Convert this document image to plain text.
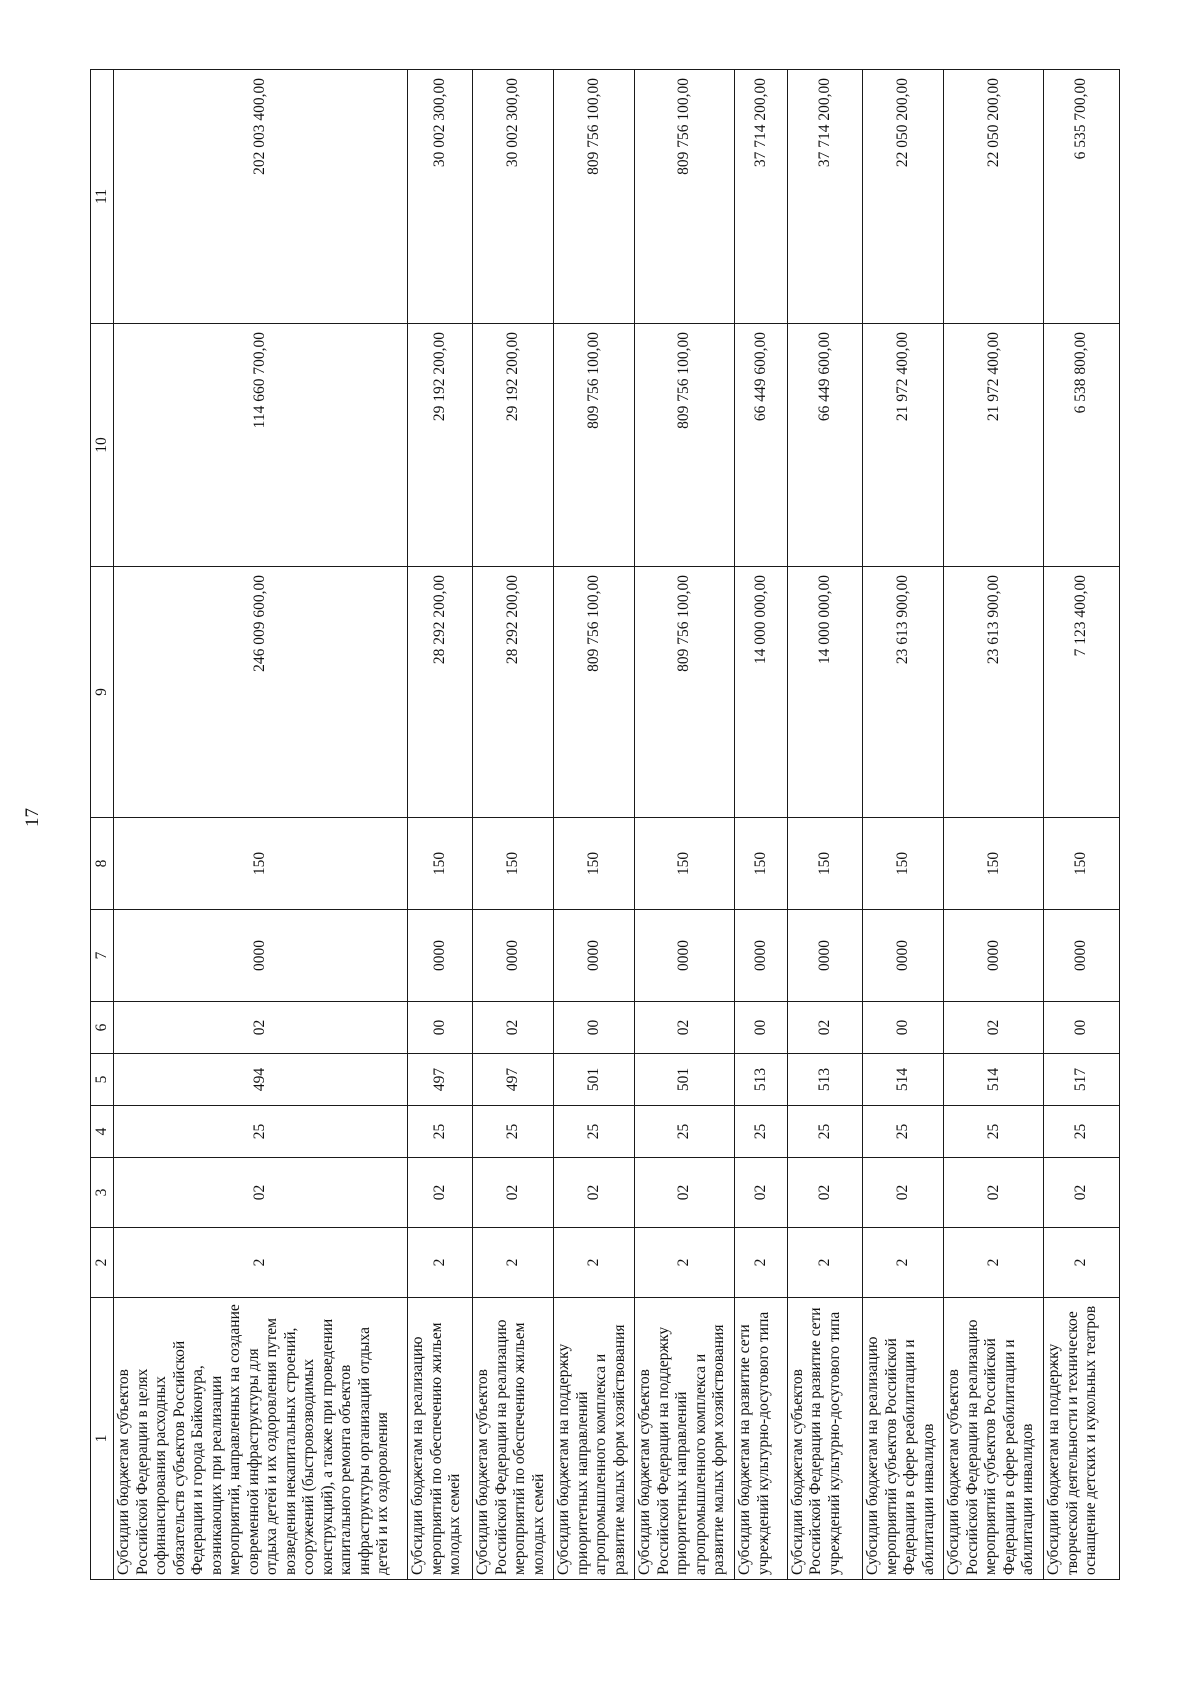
17
1	2	3	4	5	6	7	8	9	10	11
Субсидии бюджетам субъектов Российской Федерации в целях софинансирования расходных обязательств субъектов Российской Федерации и города Байконура, возникающих при реализации мероприятий, направленных на создание современной инфраструктуры для отдыха детей и их оздоровления путем возведения некапитальных строений, сооружений (быстровозводимых конструкций), а также при проведении капитального ремонта объектов инфраструктуры организаций отдыха детей и их оздоровления	2	02	25	494	02	0000	150	246 009 600,00	114 660 700,00	202 003 400,00
Субсидии бюджетам на реализацию мероприятий по обеспечению жильем молодых семей	2	02	25	497	00	0000	150	28 292 200,00	29 192 200,00	30 002 300,00
Субсидии бюджетам субъектов Российской Федерации на реализацию мероприятий по обеспечению жильем молодых семей	2	02	25	497	02	0000	150	28 292 200,00	29 192 200,00	30 002 300,00
Субсидии бюджетам на поддержку приоритетных направлений агропромышленного комплекса и развитие малых форм хозяйствования	2	02	25	501	00	0000	150	809 756 100,00	809 756 100,00	809 756 100,00
Субсидии бюджетам субъектов Российской Федерации на поддержку приоритетных направлений агропромышленного комплекса и развитие малых форм хозяйствования	2	02	25	501	02	0000	150	809 756 100,00	809 756 100,00	809 756 100,00
Субсидии бюджетам на развитие сети учреждений культурно-досугового типа	2	02	25	513	00	0000	150	14 000 000,00	66 449 600,00	37 714 200,00
Субсидии бюджетам субъектов Российской Федерации на развитие сети учреждений культурно-досугового типа	2	02	25	513	02	0000	150	14 000 000,00	66 449 600,00	37 714 200,00
Субсидии бюджетам на реализацию мероприятий субъектов Российской Федерации в сфере реабилитации и абилитации инвалидов	2	02	25	514	00	0000	150	23 613 900,00	21 972 400,00	22 050 200,00
Субсидии бюджетам субъектов Российской Федерации на реализацию мероприятий субъектов Российской Федерации в сфере реабилитации и абилитации инвалидов	2	02	25	514	02	0000	150	23 613 900,00	21 972 400,00	22 050 200,00
Субсидии бюджетам на поддержку творческой деятельности и техническое оснащение детских и кукольных театров	2	02	25	517	00	0000	150	7 123 400,00	6 538 800,00	6 535 700,00
